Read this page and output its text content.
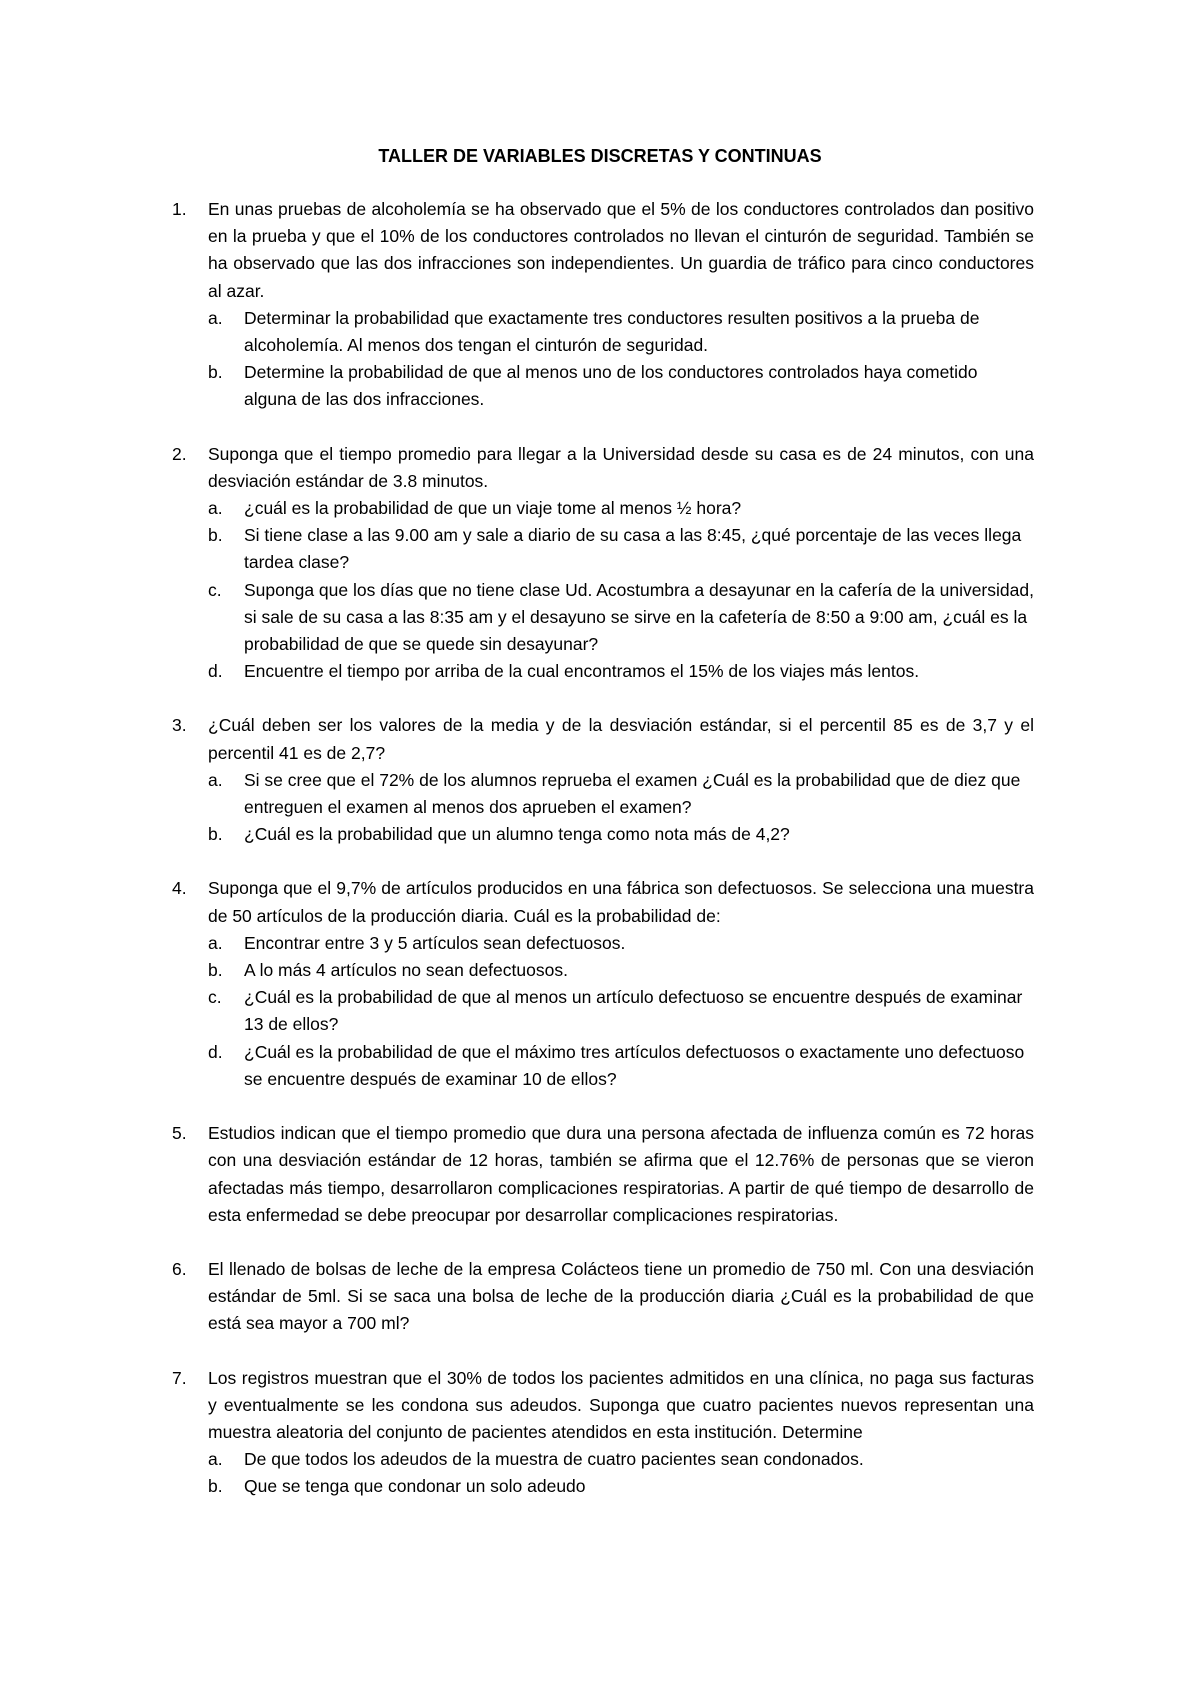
TALLER DE VARIABLES DISCRETAS Y CONTINUAS
1. En unas pruebas de alcoholemía se ha observado que el 5% de los conductores controlados dan positivo en la prueba y que el 10% de los conductores controlados no llevan el cinturón de seguridad. También se ha observado que las dos infracciones son independientes. Un guardia de tráfico para cinco conductores al azar.

a. Determinar la probabilidad que exactamente tres conductores resulten positivos a la prueba de alcoholemía. Al menos dos tengan el cinturón de seguridad.

b. Determine la probabilidad de que al menos uno de los conductores controlados haya cometido alguna de las dos infracciones.

2. Suponga que el tiempo promedio para llegar a la Universidad desde su casa es de 24 minutos, con una desviación estándar de 3.8 minutos.

a. ¿cuál es la probabilidad de que un viaje tome al menos ½ hora?

b. Si tiene clase a las 9.00 am y sale a diario de su casa a las 8:45, ¿qué porcentaje de las veces llega tardea clase?

c. Suponga que los días que no tiene clase Ud. Acostumbra a desayunar en la cafería de la universidad, si sale de su casa a las 8:35 am y el desayuno se sirve en la cafetería de 8:50 a 9:00 am, ¿cuál es la probabilidad de que se quede sin desayunar?

d. Encuentre el tiempo por arriba de la cual encontramos el 15% de los viajes más lentos.

3. ¿Cuál deben ser los valores de la media y de la desviación estándar, si el percentil 85 es de 3,7 y el percentil 41 es de 2,7?

a. Si se cree que el 72% de los alumnos reprueba el examen ¿Cuál es la probabilidad que de diez que entreguen el examen al menos dos aprueben el examen?

b. ¿Cuál es la probabilidad que un alumno tenga como nota más de 4,2?

4. Suponga que el 9,7% de artículos producidos en una fábrica son defectuosos. Se selecciona una muestra de 50 artículos de la producción diaria. Cuál es la probabilidad de:

a. Encontrar entre 3 y 5 artículos sean defectuosos.

b. A lo más 4 artículos no sean defectuosos.

c. ¿Cuál es la probabilidad de que al menos un artículo defectuoso se encuentre después de examinar 13 de ellos?

d. ¿Cuál es la probabilidad de que el máximo tres artículos defectuosos o exactamente uno defectuoso se encuentre después de examinar 10 de ellos?

5. Estudios indican que el tiempo promedio que dura una persona afectada de influenza común es 72 horas con una desviación estándar de 12 horas, también se afirma que el 12.76% de personas que se vieron afectadas más tiempo, desarrollaron complicaciones respiratorias. A partir de qué tiempo de desarrollo de esta enfermedad se debe preocupar por desarrollar complicaciones respiratorias.

6. El llenado de bolsas de leche de la empresa Colácteos tiene un promedio de 750 ml. Con una desviación estándar de 5ml. Si se saca una bolsa de leche de la producción diaria ¿Cuál es la probabilidad de que está sea mayor a 700 ml?

7. Los registros muestran que el 30% de todos los pacientes admitidos en una clínica, no paga sus facturas y eventualmente se les condona sus adeudos. Suponga que cuatro pacientes nuevos representan una muestra aleatoria del conjunto de pacientes atendidos en esta institución. Determine

a. De que todos los adeudos de la muestra de cuatro pacientes sean condonados.

b. Que se tenga que condonar un solo adeudo
